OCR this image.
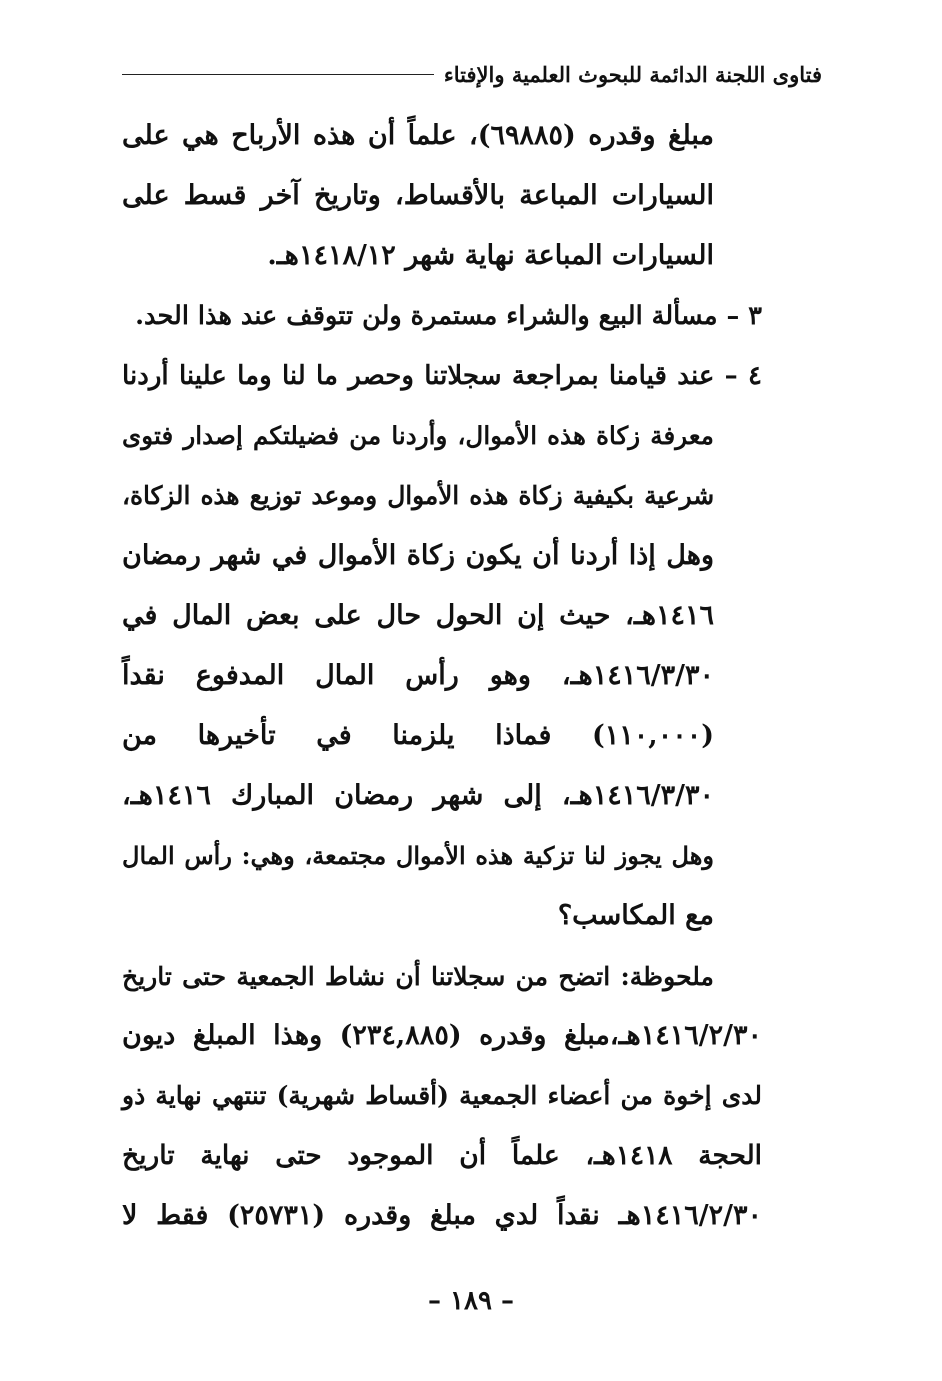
فتاوى اللجنة الدائمة للبحوث العلمية والإفتاء
مبلغ وقدره (٦٩٨٨٥)، علماً أن هذه الأرباح هي على
السيارات المباعة بالأقساط، وتاريخ آخر قسط على
السيارات المباعة نهاية شهر ١٤١٨/١٢هـ.
٣ – مسألة البيع والشراء مستمرة ولن تتوقف عند هذا الحد.
٤ – عند قيامنا بمراجعة سجلاتنا وحصر ما لنا وما علينا أردنا
معرفة زكاة هذه الأموال، وأردنا من فضيلتكم إصدار فتوى
شرعية بكيفية زكاة هذه الأموال وموعد توزيع هذه الزكاة،
وهل إذا أردنا أن يكون زكاة الأموال في شهر رمضان
١٤١٦هـ، حيث إن الحول حال على بعض المال في
١٤١٦/٣/٣٠هـ، وهو رأس المال المدفوع نقداً
(١١٠,٠٠٠) فماذا يلزمنا في تأخيرها من
١٤١٦/٣/٣٠هـ، إلى شهر رمضان المبارك ١٤١٦هـ،
وهل يجوز لنا تزكية هذه الأموال مجتمعة، وهي: رأس المال
مع المكاسب؟
ملحوظة: اتضح من سجلاتنا أن نشاط الجمعية حتى تاريخ
١٤١٦/٢/٣٠هـ،مبلغ وقدره (٢٣٤,٨٨٥) وهذا المبلغ ديون
لدى إخوة من أعضاء الجمعية (أقساط شهرية) تنتهي نهاية ذو
الحجة ١٤١٨هـ، علماً أن الموجود حتى نهاية تاريخ
١٤١٦/٢/٣٠هـ نقداً لدي مبلغ وقدره (٢٥٧٣١) فقط لا
– ١٨٩ –
